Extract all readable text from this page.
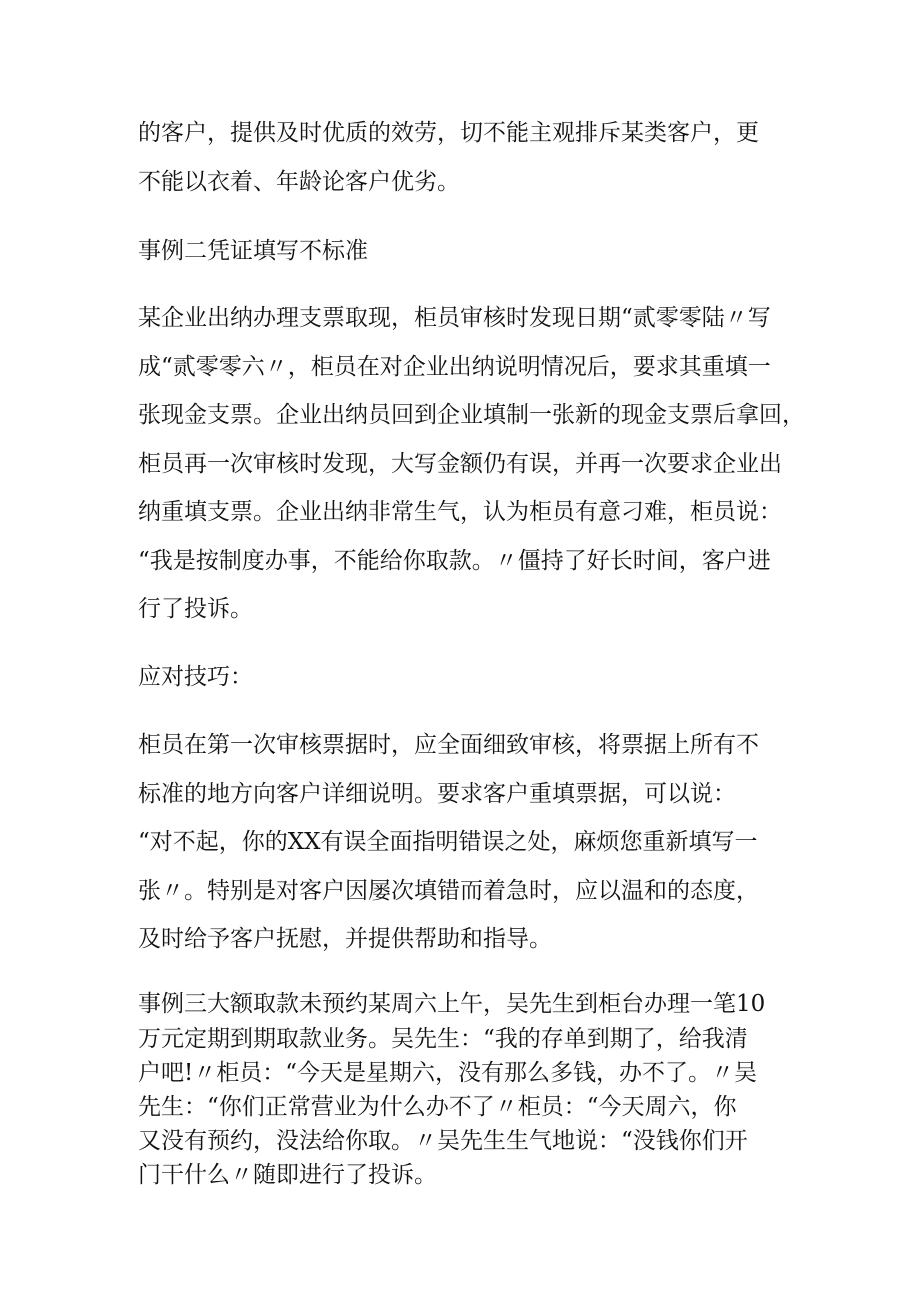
的客户，提供及时优质的效劳，切不能主观排斥某类客户，更
不能以衣着、年龄论客户优劣。
事例二凭证填写不标准
某企业出纳办理支票取现，柜员审核时发现日期“贰零零陆〃写
成“贰零零六〃，柜员在对企业出纳说明情况后，要求其重填一
张现金支票。企业出纳员回到企业填制一张新的现金支票后拿回，
柜员再一次审核时发现，大写金额仍有误，并再一次要求企业出
纳重填支票。企业出纳非常生气，认为柜员有意刁难，柜员说：
“我是按制度办事，不能给你取款。〃僵持了好长时间，客户进
行了投诉。
应对技巧：
柜员在第一次审核票据时，应全面细致审核，将票据上所有不
标准的地方向客户详细说明。要求客户重填票据，可以说：
“对不起，你的XX有误全面指明错误之处，麻烦您重新填写一
张〃。特别是对客户因屡次填错而着急时，应以温和的态度，
及时给予客户抚慰，并提供帮助和指导。
事例三大额取款未预约某周六上午，吴先生到柜台办理一笔10
万元定期到期取款业务。吴先生：“我的存单到期了，给我清
户吧!〃柜员：“今天是星期六，没有那么多钱，办不了。〃吴
先生：“你们正常营业为什么办不了〃柜员：“今天周六，你
又没有预约，没法给你取。〃吴先生生气地说：“没钱你们开
门干什么〃随即进行了投诉。
